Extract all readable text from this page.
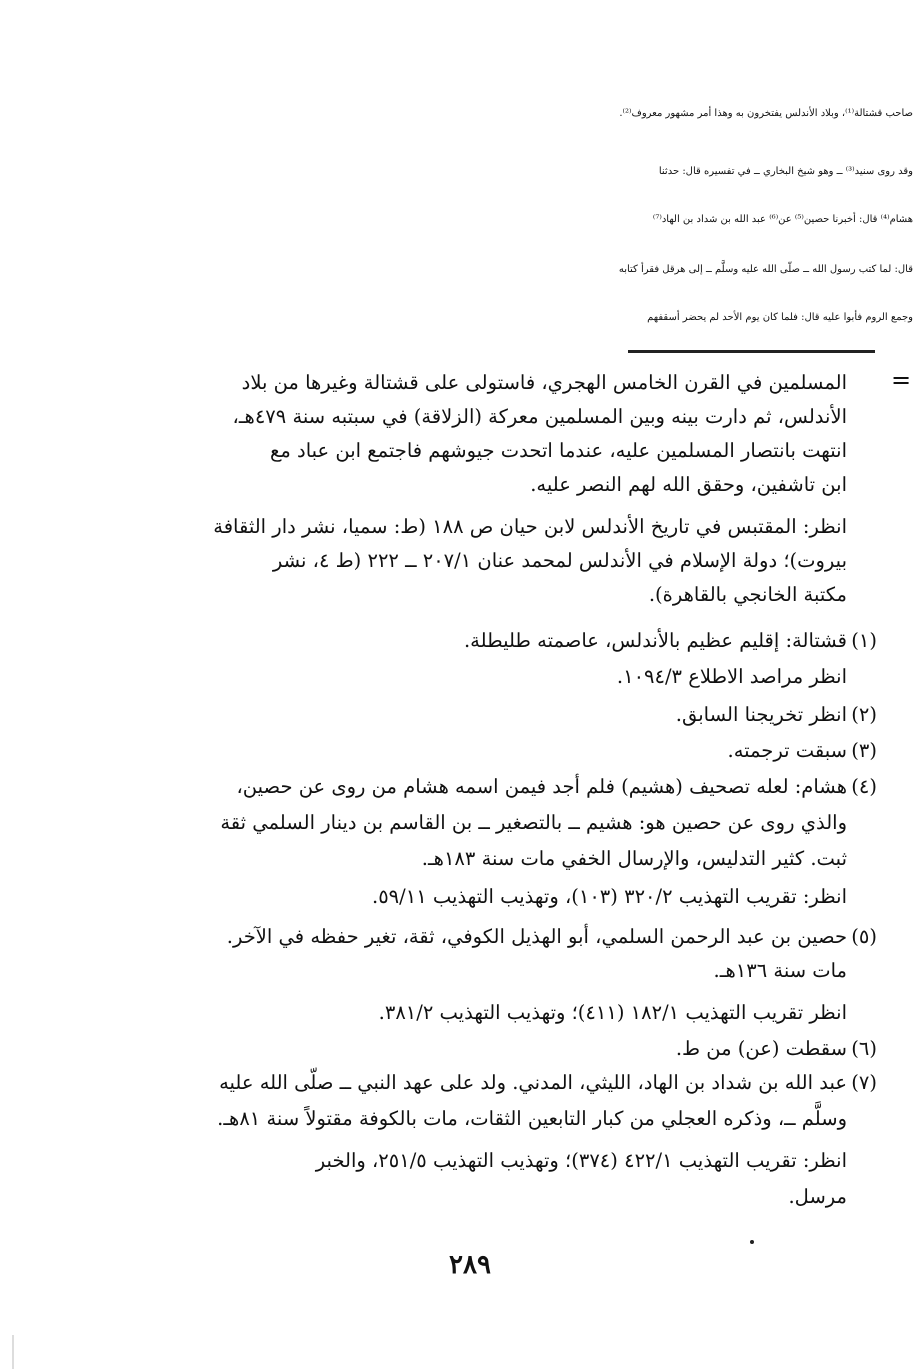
صاحب قشتالة⁽¹⁾، وبلاد الأندلس يفتخرون به وهذا أمر مشهور معروف⁽²⁾.
وقد روى سنيد⁽³⁾ ــ وهو شيخ البخاري ــ في تفسيره قال: حدثنا
هشام⁽⁴⁾ قال: أخبرنا حصين⁽⁵⁾ عن⁽⁶⁾ عبد الله بن شداد بن الهاد⁽⁷⁾
قال: لما كتب رسول الله ــ صلّى الله عليه وسلَّم ــ إلى هرقل فقرأ كتابه
وجمع الروم فأبوا عليه قال: فلما كان يوم الأحد لم يحضر أسقفهم
=
المسلمين في القرن الخامس الهجري، فاستولى على قشتالة وغيرها من بلاد
الأندلس، ثم دارت بينه وبين المسلمين معركة (الزلاقة) في سبتبه سنة ٤٧٩هـ،
انتهت بانتصار المسلمين عليه، عندما اتحدت جيوشهم فاجتمع ابن عباد مع
ابن تاشفين، وحقق الله لهم النصر عليه.
انظر: المقتبس في تاريخ الأندلس لابن حيان ص ١٨٨ (ط: سميا، نشر دار الثقافة
بيروت)؛ دولة الإسلام في الأندلس لمحمد عنان ٢٠٧/١ ــ ٢٢٢ (ط ٤، نشر
مكتبة الخانجي بالقاهرة).
(١)
قشتالة: إقليم عظيم بالأندلس، عاصمته طليطلة.
انظر مراصد الاطلاع ١٠٩٤/٣.
(٢)
انظر تخريجنا السابق.
(٣)
سبقت ترجمته.
(٤)
هشام: لعله تصحيف (هشيم) فلم أجد فيمن اسمه هشام من روى عن حصين،
والذي روى عن حصين هو: هشيم ــ بالتصغير ــ بن القاسم بن دينار السلمي ثقة
ثبت. كثير التدليس، والإرسال الخفي مات سنة ١٨٣هـ.
انظر: تقريب التهذيب ٣٢٠/٢ (١٠٣)، وتهذيب التهذيب ٥٩/١١.
(٥)
حصين بن عبد الرحمن السلمي، أبو الهذيل الكوفي، ثقة، تغير حفظه في الآخر.
مات سنة ١٣٦هـ.
انظر تقريب التهذيب ١٨٢/١ (٤١١)؛ وتهذيب التهذيب ٣٨١/٢.
(٦)
سقطت (عن) من ط.
(٧)
عبد الله بن شداد بن الهاد، الليثي، المدني. ولد على عهد النبي ــ صلّى الله عليه
وسلَّم ــ، وذكره العجلي من كبار التابعين الثقات، مات بالكوفة مقتولاً سنة ٨١هـ.
انظر: تقريب التهذيب ٤٢٢/١ (٣٧٤)؛ وتهذيب التهذيب ٢٥١/٥، والخبر
مرسل.
٢٨٩
